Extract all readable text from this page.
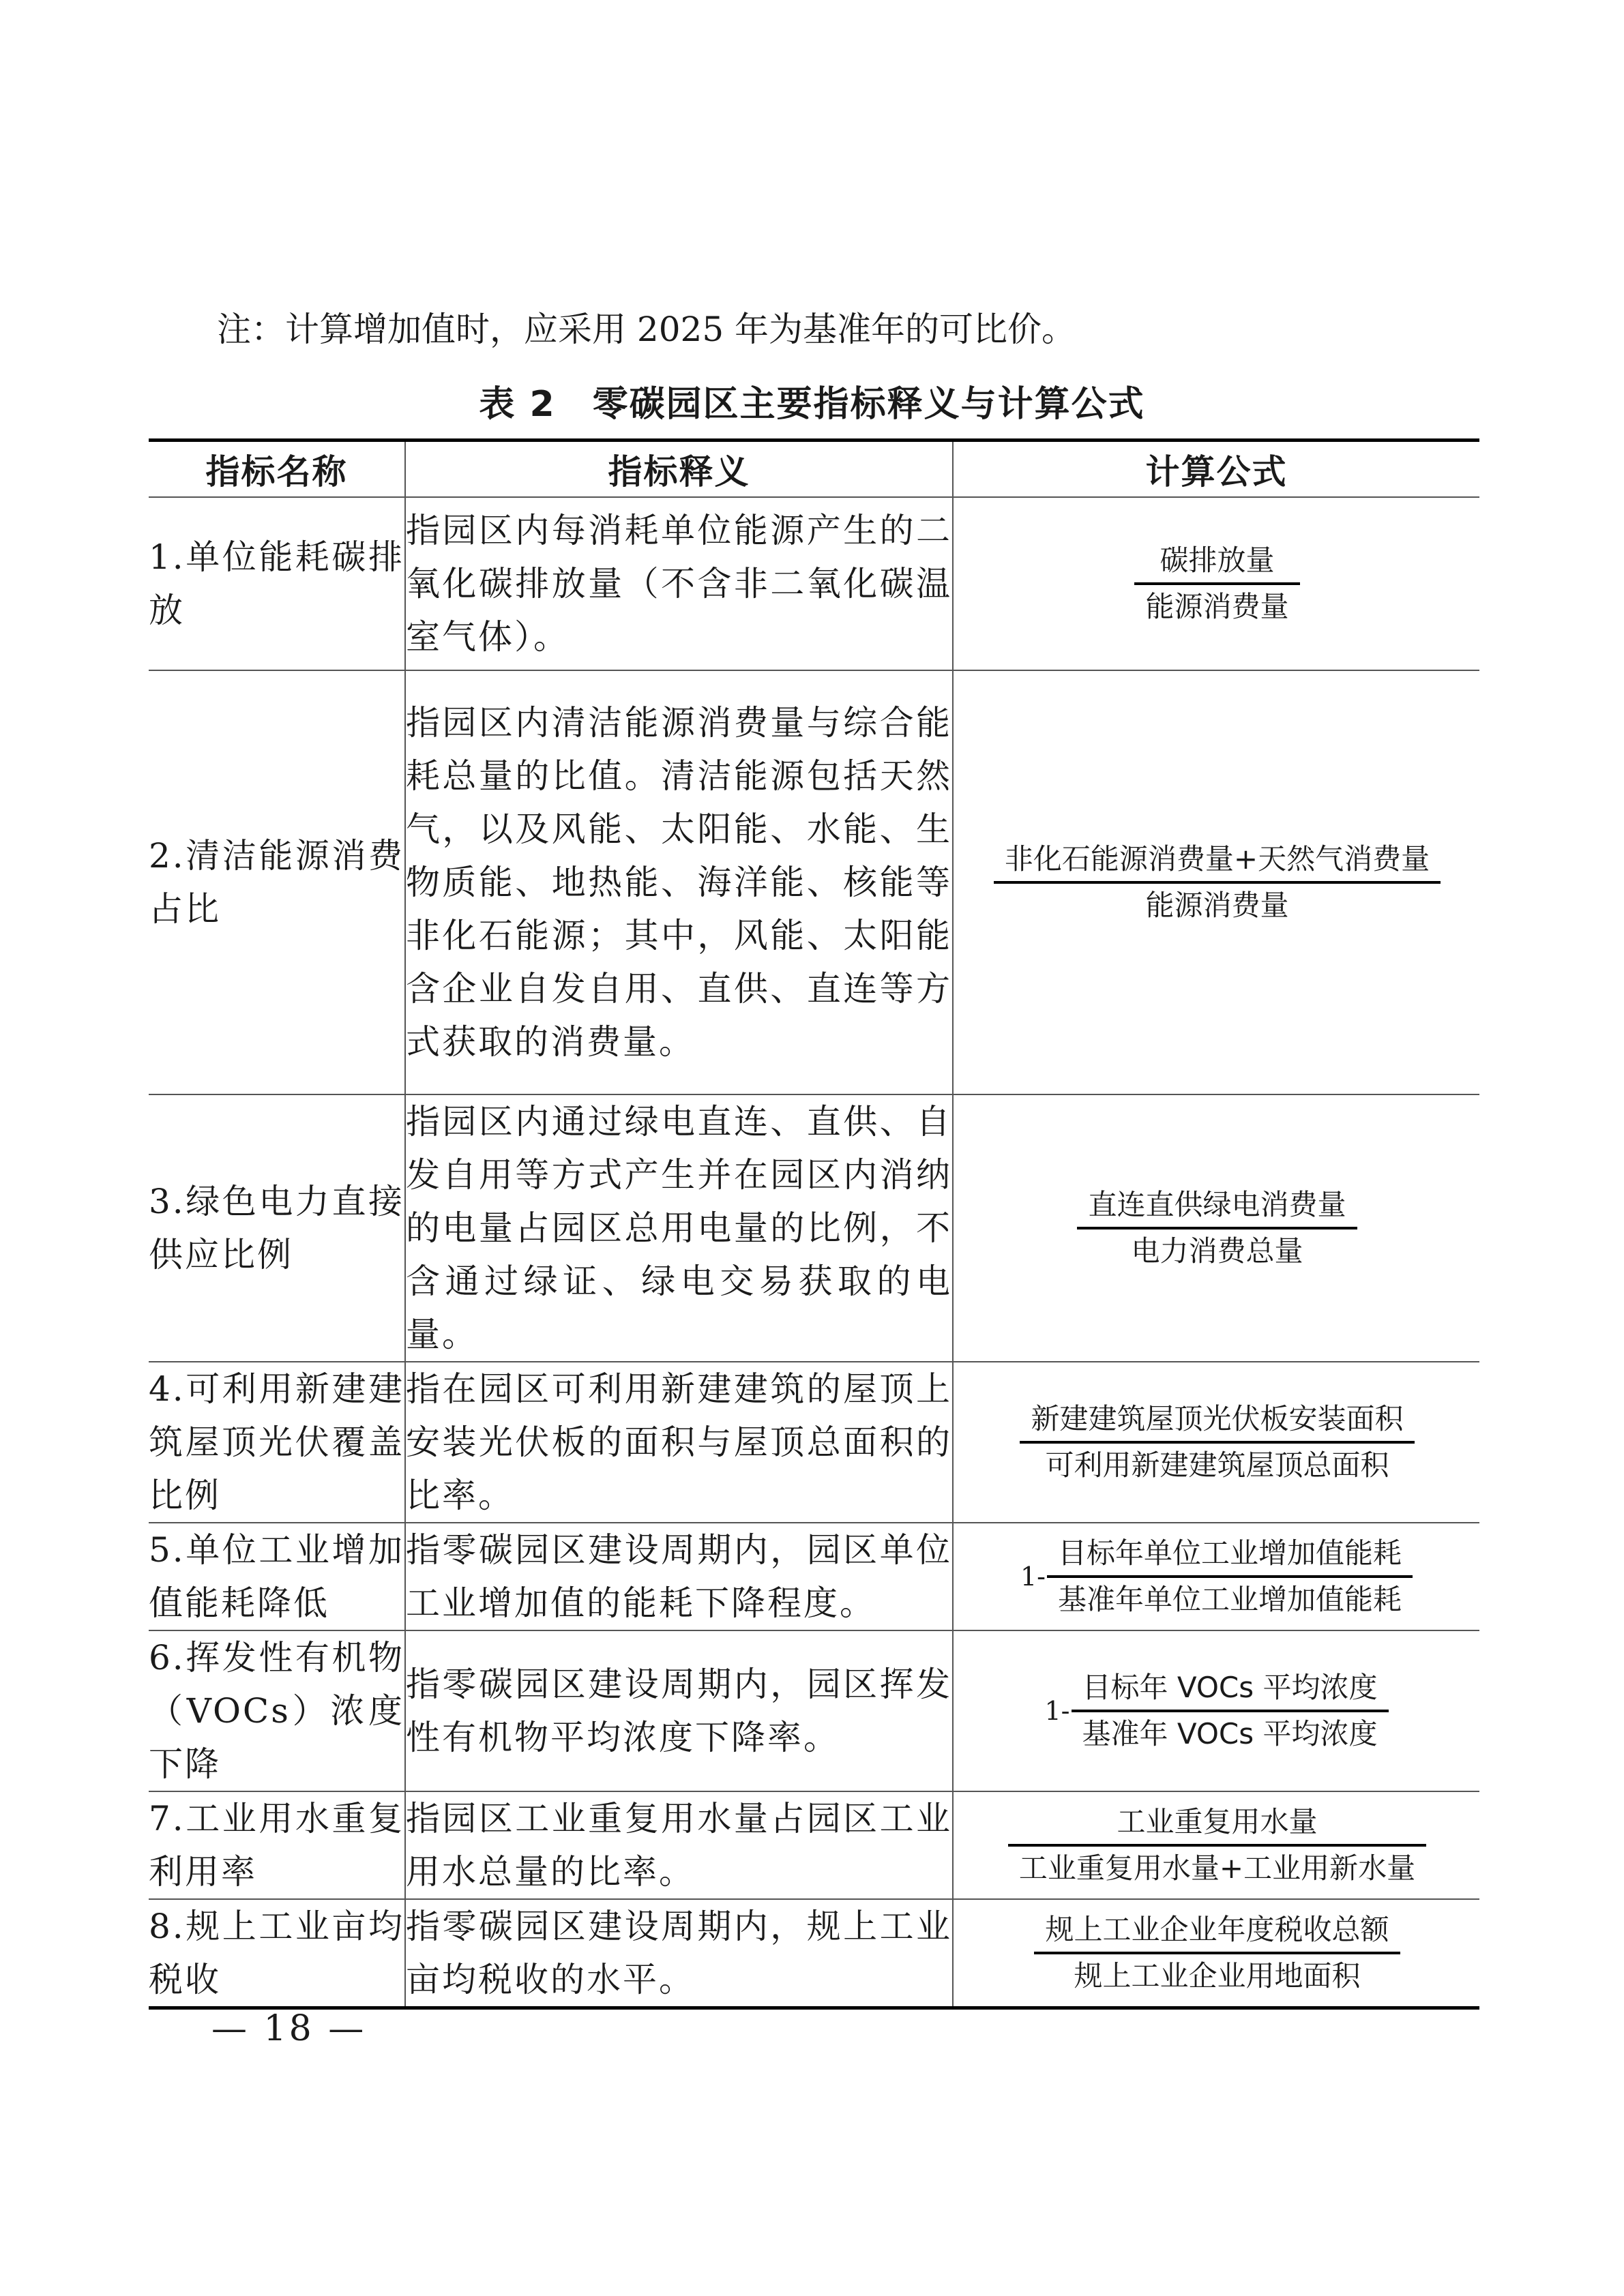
注：计算增加值时，应采用 2025 年为基准年的可比价。
表 2　零碳园区主要指标释义与计算公式
指标名称	指标释义	计算公式
1.单位能耗碳排放	指园区内每消耗单位能源产生的二氧化碳排放量（不含非二氧化碳温室气体）。	$\frac{\text{碳排放量}}{\text{能源消费量}}$

2.清洁能源消费占比	指园区内清洁能源消费量与综合能耗总量的比值。清洁能源包括天然气，以及风能、太阳能、水能、生物质能、地热能、海洋能、核能等非化石能源；其中，风能、太阳能含企业自发自用、直供、直连等方式获取的消费量。	$\frac{\text{非化石能源消费量+天然气消费量}}{\text{能源消费量}}$

3.绿色电力直接供应比例	指园区内通过绿电直连、直供、自发自用等方式产生并在园区内消纳的电量占园区总用电量的比例，不含通过绿证、绿电交易获取的电量。	$\frac{\text{直连直供绿电消费量}}{\text{电力消费总量}}$

4.可利用新建建筑屋顶光伏覆盖比例	指在园区可利用新建建筑的屋顶上安装光伏板的面积与屋顶总面积的比率。	$\frac{\text{新建建筑屋顶光伏板安装面积}}{\text{可利用新建建筑屋顶总面积}}$

5.单位工业增加值能耗降低	指零碳园区建设周期内，园区单位工业增加值的能耗下降程度。	$1- \frac{\text{目标年单位工业增加值能耗}}{\text{基准年单位工业增加值能耗}}$

6.挥发性有机物（VOCs）浓度下降	指零碳园区建设周期内，园区挥发性有机物平均浓度下降率。	$1- \frac{\text{目标年 VOCs 平均浓度}}{\text{基准年 VOCs 平均浓度}}$

7.工业用水重复利用率	指园区工业重复用水量占园区工业用水总量的比率。	$\frac{\text{工业重复用水量}}{\text{工业重复用水量+工业用新水量}}$

8.规上工业亩均税收	指零碳园区建设周期内，规上工业亩均税收的水平。	$\frac{\text{规上工业企业年度税收总额}}{\text{规上工业企业用地面积}}$
— 18 —
